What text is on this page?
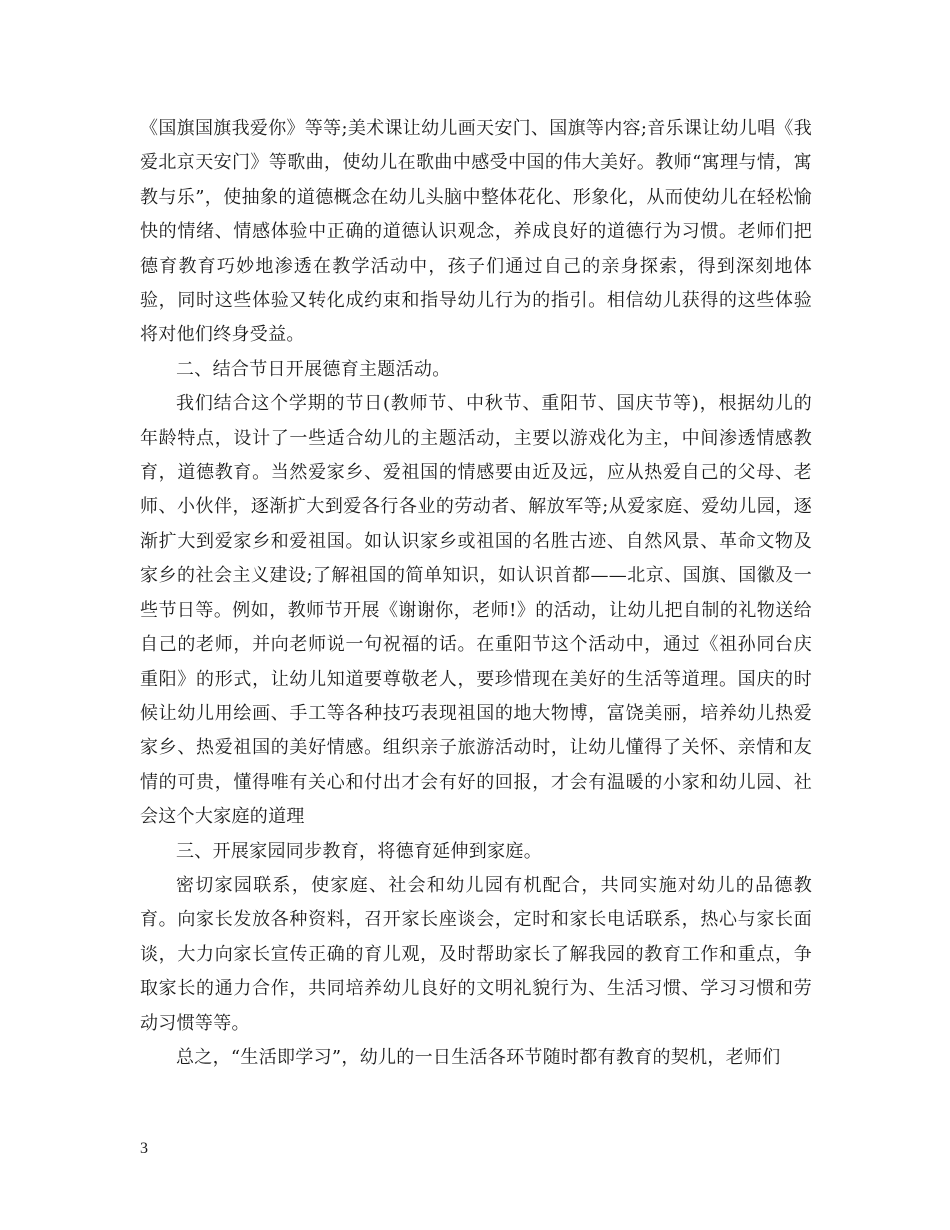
《国旗国旗我爱你》等等;美术课让幼儿画天安门、国旗等内容;音乐课让幼儿唱《我爱北京天安门》等歌曲，使幼儿在歌曲中感受中国的伟大美好。教师“寓理与情，寓教与乐”，使抽象的道德概念在幼儿头脑中整体花化、形象化，从而使幼儿在轻松愉快的情绪、情感体验中正确的道德认识观念，养成良好的道德行为习惯。老师们把德育教育巧妙地渗透在教学活动中，孩子们通过自己的亲身探索，得到深刻地体验，同时这些体验又转化成约束和指导幼儿行为的指引。相信幼儿获得的这些体验将对他们终身受益。

二、结合节日开展德育主题活动。

我们结合这个学期的节日(教师节、中秋节、重阳节、国庆节等)，根据幼儿的年龄特点，设计了一些适合幼儿的主题活动，主要以游戏化为主，中间渗透情感教育，道德教育。当然爱家乡、爱祖国的情感要由近及远，应从热爱自己的父母、老师、小伙伴，逐渐扩大到爱各行各业的劳动者、解放军等;从爱家庭、爱幼儿园，逐渐扩大到爱家乡和爱祖国。如认识家乡或祖国的名胜古迹、自然风景、革命文物及家乡的社会主义建设;了解祖国的简单知识，如认识首都——北京、国旗、国徽及一些节日等。例如，教师节开展《谢谢你，老师!》的活动，让幼儿把自制的礼物送给自己的老师，并向老师说一句祝福的话。在重阳节这个活动中，通过《祖孙同台庆重阳》的形式，让幼儿知道要尊敬老人，要珍惜现在美好的生活等道理。国庆的时候让幼儿用绘画、手工等各种技巧表现祖国的地大物博，富饶美丽，培养幼儿热爱家乡、热爱祖国的美好情感。组织亲子旅游活动时，让幼儿懂得了关怀、亲情和友情的可贵，懂得唯有关心和付出才会有好的回报，才会有温暖的小家和幼儿园、社会这个大家庭的道理

三、开展家园同步教育，将德育延伸到家庭。

密切家园联系，使家庭、社会和幼儿园有机配合，共同实施对幼儿的品德教育。向家长发放各种资料，召开家长座谈会，定时和家长电话联系，热心与家长面谈，大力向家长宣传正确的育儿观，及时帮助家长了解我园的教育工作和重点，争取家长的通力合作，共同培养幼儿良好的文明礼貌行为、生活习惯、学习习惯和劳动习惯等等。

总之，“生活即学习”，幼儿的一日生活各环节随时都有教育的契机，老师们

3
